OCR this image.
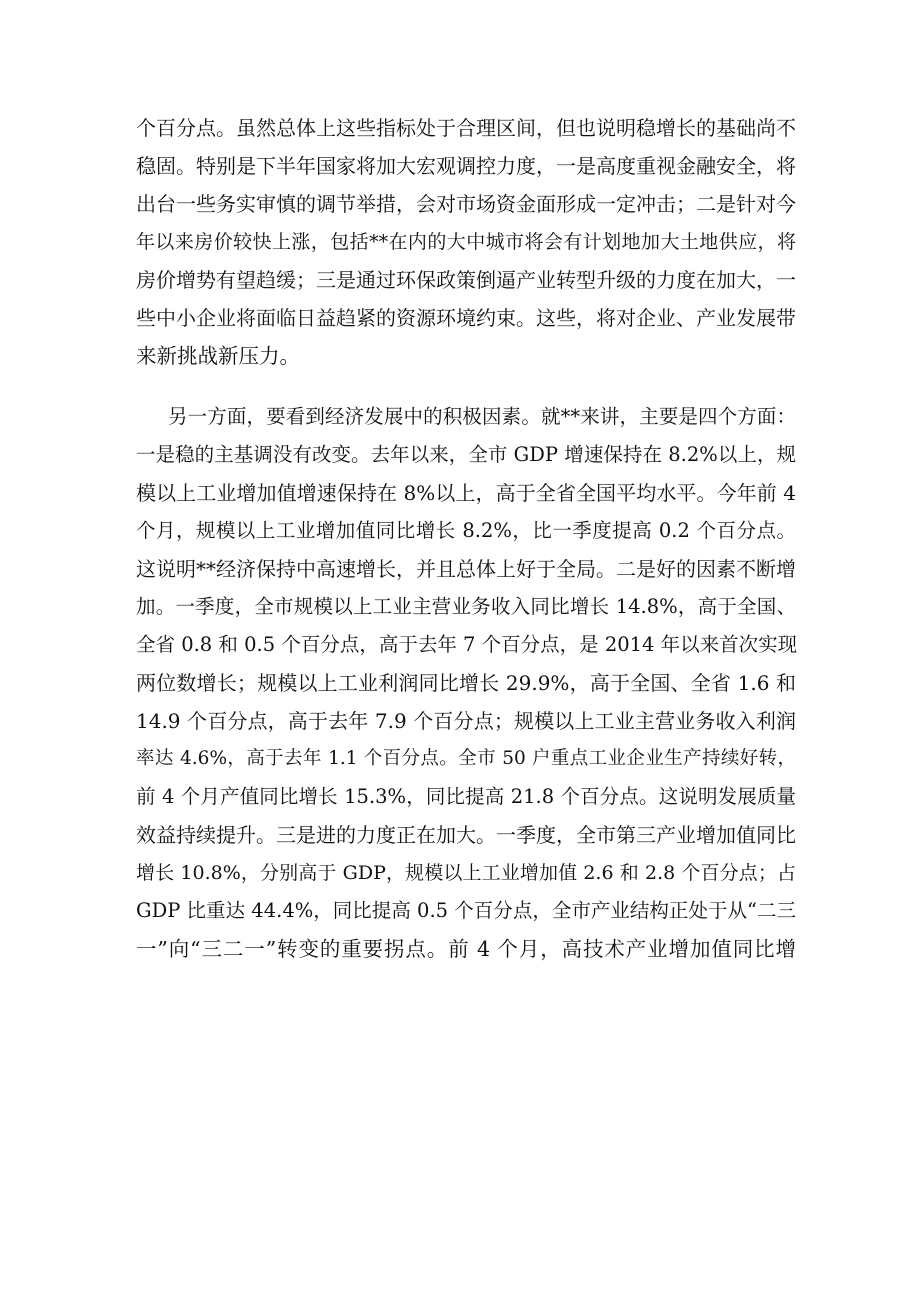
个百分点。虽然总体上这些指标处于合理区间，但也说明稳增长的基础尚不

稳固。特别是下半年国家将加大宏观调控力度，一是高度重视金融安全，将

出台一些务实审慎的调节举措，会对市场资金面形成一定冲击；二是针对今

年以来房价较快上涨，包括**在内的大中城市将会有计划地加大土地供应，将

房价增势有望趋缓；三是通过环保政策倒逼产业转型升级的力度在加大，一

些中小企业将面临日益趋紧的资源环境约束。这些，将对企业、产业发展带

来新挑战新压力。

另一方面，要看到经济发展中的积极因素。就**来讲，主要是四个方面：

一是稳的主基调没有改变。去年以来，全市 GDP 增速保持在 8.2%以上，规

模以上工业增加值增速保持在 8%以上，高于全省全国平均水平。今年前 4

个月，规模以上工业增加值同比增长 8.2%，比一季度提高 0.2 个百分点。

这说明**经济保持中高速增长，并且总体上好于全局。二是好的因素不断增

加。一季度，全市规模以上工业主营业务收入同比增长 14.8%，高于全国、

全省 0.8 和 0.5 个百分点，高于去年 7 个百分点，是 2014 年以来首次实现

两位数增长；规模以上工业利润同比增长 29.9%，高于全国、全省 1.6 和

14.9 个百分点，高于去年 7.9 个百分点；规模以上工业主营业务收入利润

率达 4.6%，高于去年 1.1 个百分点。全市 50 户重点工业企业生产持续好转，

前 4 个月产值同比增长 15.3%，同比提高 21.8 个百分点。这说明发展质量

效益持续提升。三是进的力度正在加大。一季度，全市第三产业增加值同比

增长 10.8%，分别高于 GDP，规模以上工业增加值 2.6 和 2.8 个百分点；占

GDP 比重达 44.4%，同比提高 0.5 个百分点，全市产业结构正处于从“二三

一”向“三二一”转变的重要拐点。前 4 个月，高技术产业增加值同比增
